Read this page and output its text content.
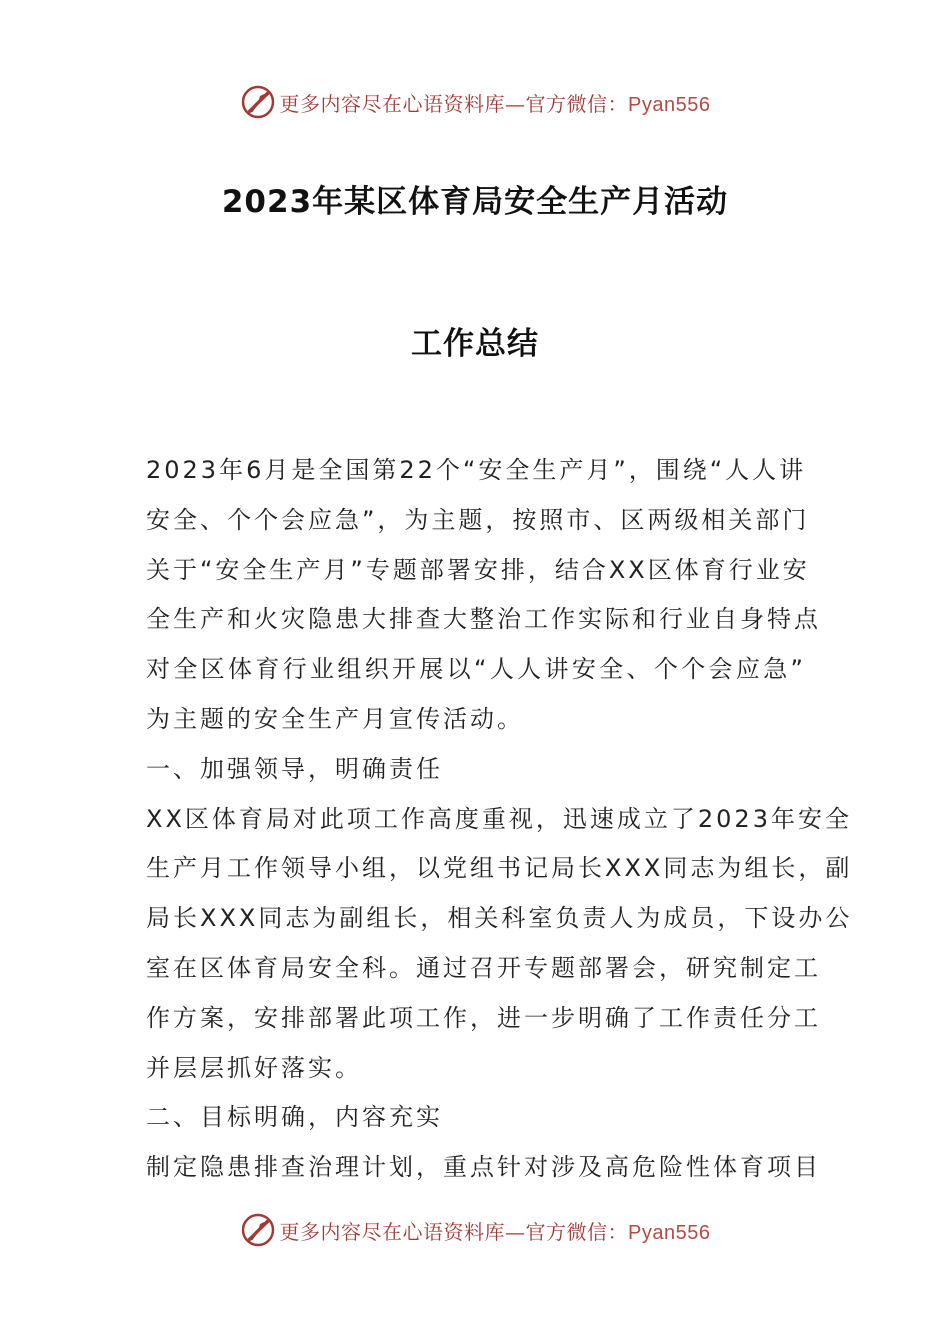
更多内容尽在心语资料库—官方微信：Pyan556
2023年某区体育局安全生产月活动
工作总结
2023年6月是全国第22个“安全生产月”，围绕“人人讲
安全、个个会应急”，为主题，按照市、区两级相关部门
关于“安全生产月”专题部署安排，结合XX区体育行业安
全生产和火灾隐患大排查大整治工作实际和行业自身特点
对全区体育行业组织开展以“人人讲安全、个个会应急”
为主题的安全生产月宣传活动。
一、加强领导，明确责任
XX区体育局对此项工作高度重视，迅速成立了2023年安全
生产月工作领导小组，以党组书记局长XXX同志为组长，副
局长XXX同志为副组长，相关科室负责人为成员，下设办公
室在区体育局安全科。通过召开专题部署会，研究制定工
作方案，安排部署此项工作，进一步明确了工作责任分工
并层层抓好落实。
二、目标明确，内容充实
制定隐患排查治理计划，重点针对涉及高危险性体育项目
更多内容尽在心语资料库—官方微信：Pyan556
